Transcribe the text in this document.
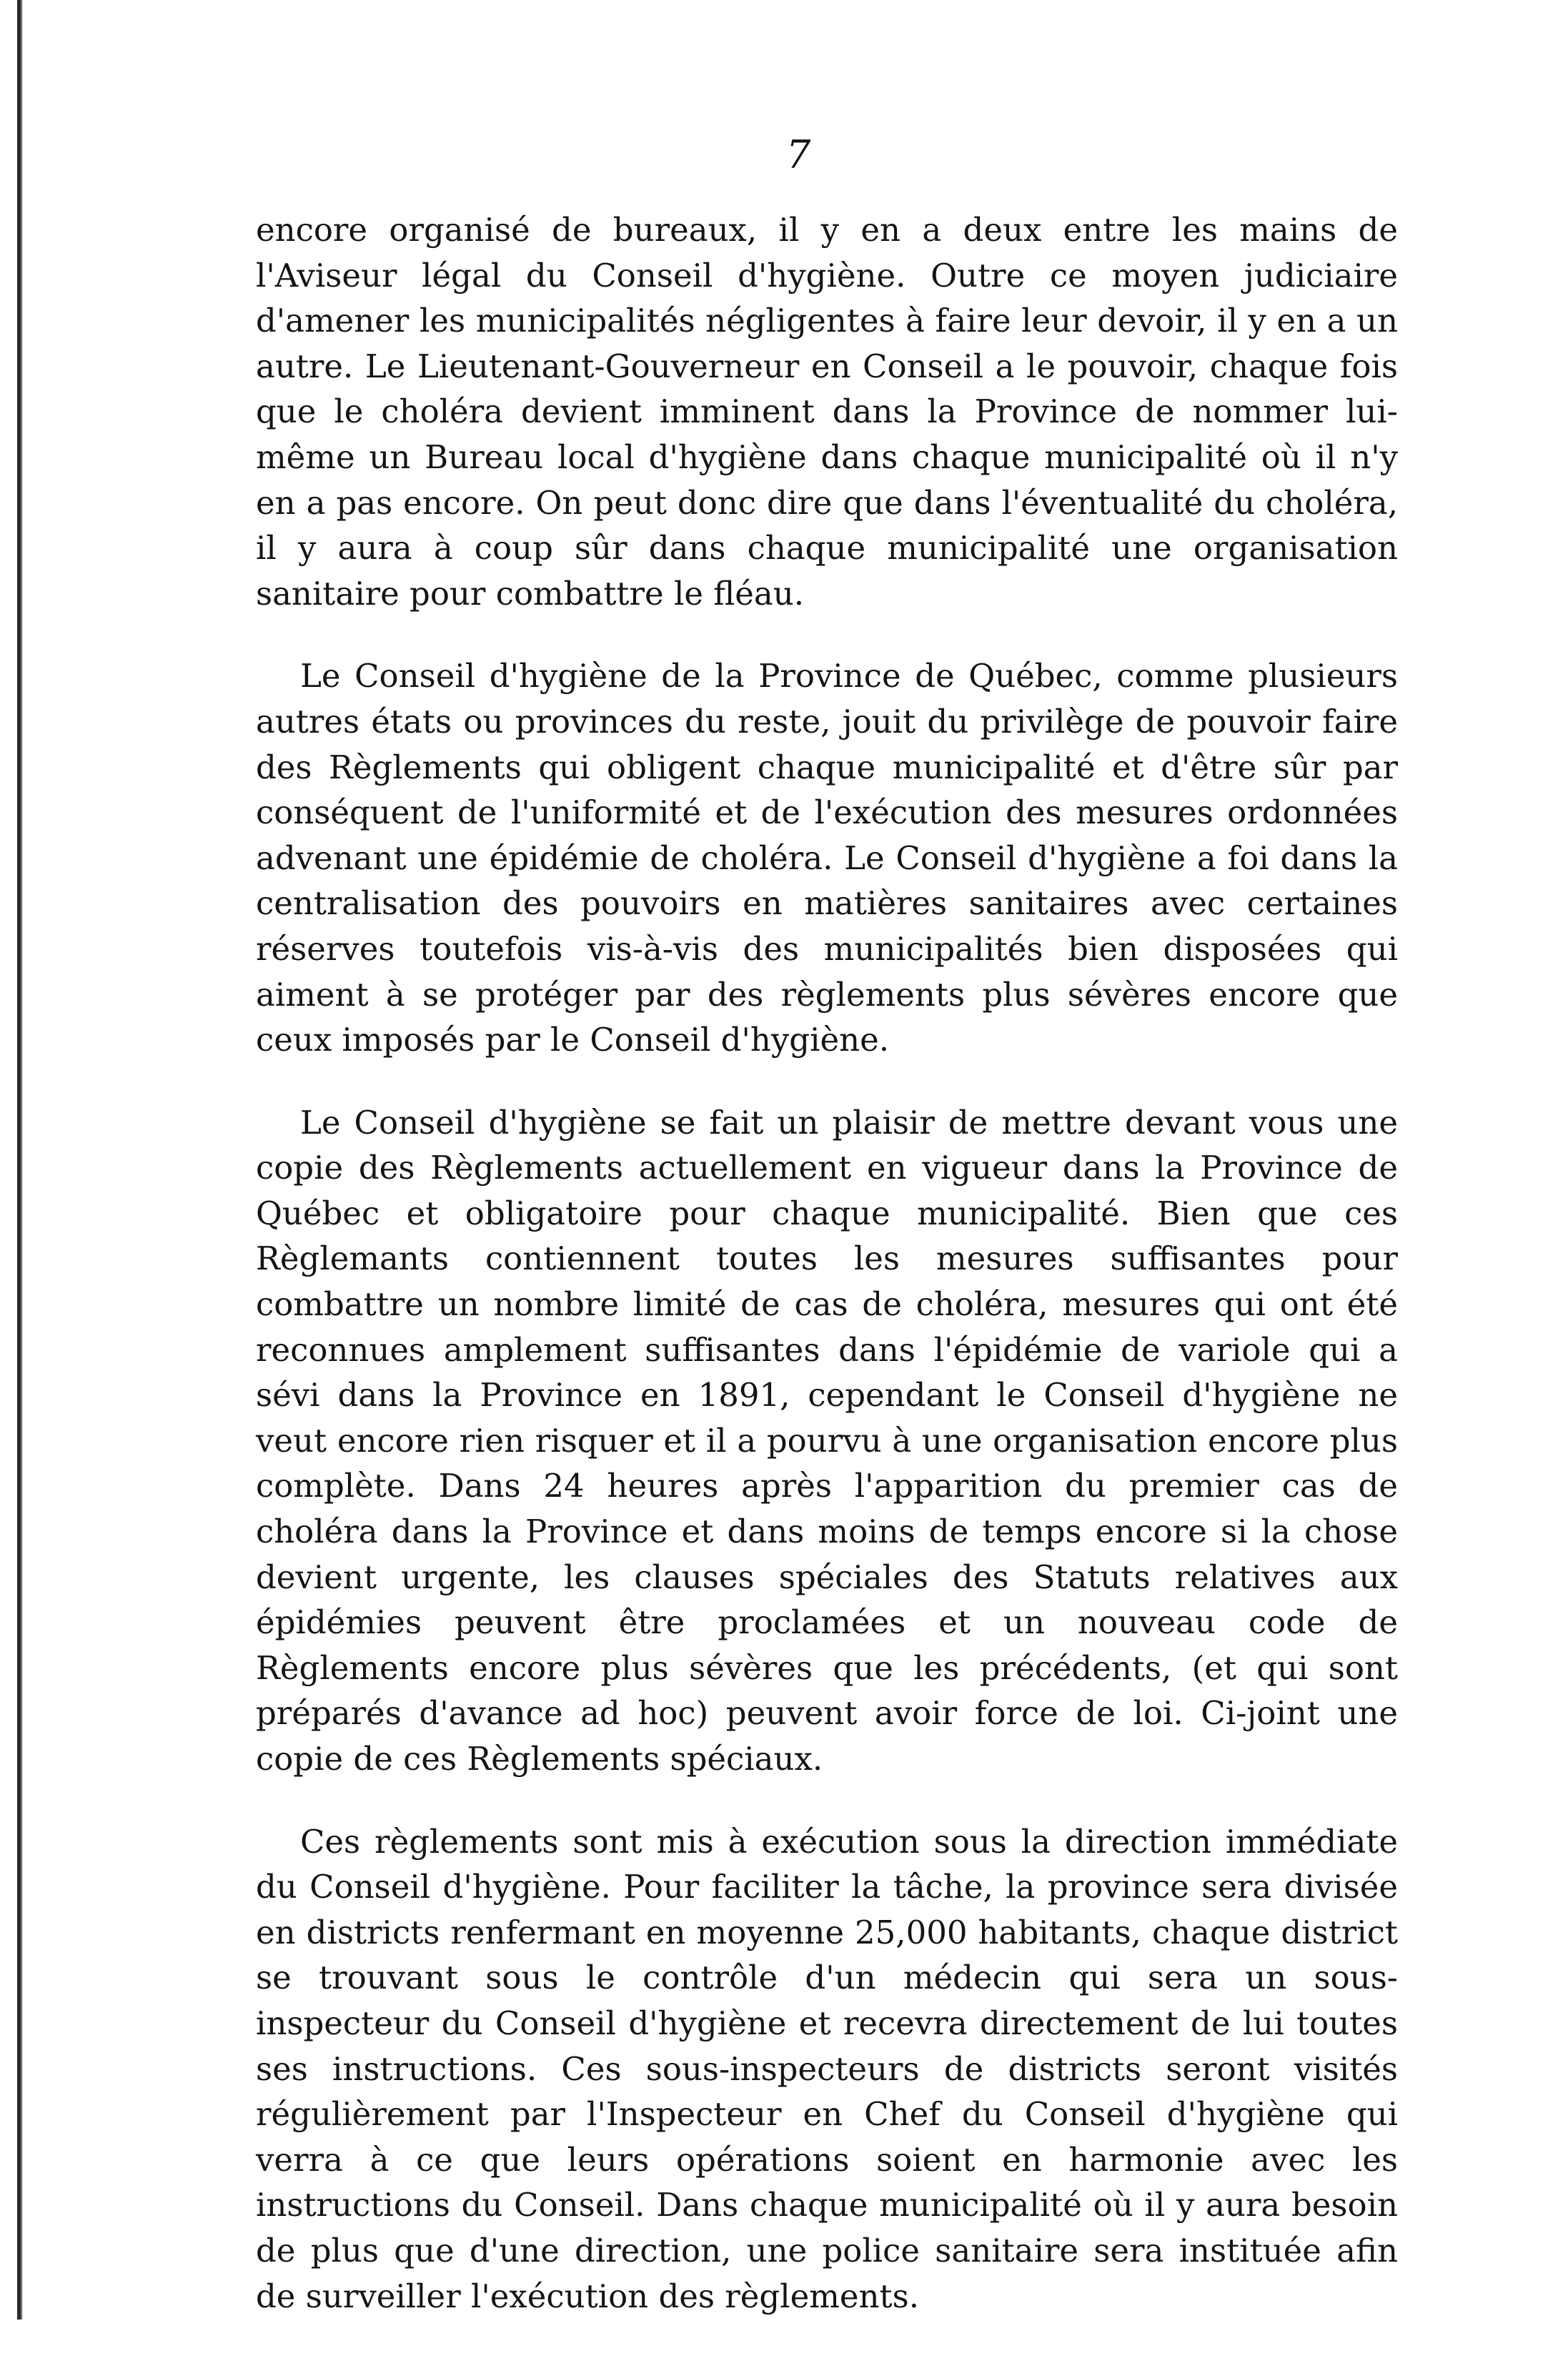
7

encore organisé de bureaux, il y en a deux entre les mains de l'Aviseur légal du Conseil d'hygiène. Outre ce moyen judiciaire d'amener les municipalités négligentes à faire leur devoir, il y en a un autre. Le Lieutenant-Gouverneur en Conseil a le pouvoir, chaque fois que le choléra devient imminent dans la Province de nommer lui-même un Bureau local d'hygiène dans chaque municipalité où il n'y en a pas encore. On peut donc dire que dans l'éventualité du choléra, il y aura à coup sûr dans chaque municipalité une organisation sanitaire pour combattre le fléau.

Le Conseil d'hygiène de la Province de Québec, comme plusieurs autres états ou provinces du reste, jouit du privilège de pouvoir faire des Règlements qui obligent chaque municipalité et d'être sûr par conséquent de l'uniformité et de l'exécution des mesures ordonnées advenant une épidémie de choléra. Le Conseil d'hygiène a foi dans la centralisation des pouvoirs en matières sanitaires avec certaines réserves toutefois vis-à-vis des municipalités bien disposées qui aiment à se protéger par des règlements plus sévères encore que ceux imposés par le Conseil d'hygiène.

Le Conseil d'hygiène se fait un plaisir de mettre devant vous une copie des Règlements actuellement en vigueur dans la Province de Québec et obligatoire pour chaque municipalité. Bien que ces Règlemants contiennent toutes les mesures suffisantes pour combattre un nombre limité de cas de choléra, mesures qui ont été reconnues amplement suffisantes dans l'épidémie de variole qui a sévi dans la Province en 1891, cependant le Conseil d'hygiène ne veut encore rien risquer et il a pourvu à une organisation encore plus complète. Dans 24 heures après l'apparition du premier cas de choléra dans la Province et dans moins de temps encore si la chose devient urgente, les clauses spéciales des Statuts relatives aux épidémies peuvent être proclamées et un nouveau code de Règlements encore plus sévères que les précédents, (et qui sont préparés d'avance ad hoc) peuvent avoir force de loi. Ci-joint une copie de ces Règlements spéciaux.

Ces règlements sont mis à exécution sous la direction immédiate du Conseil d'hygiène. Pour faciliter la tâche, la province sera divisée en districts renfermant en moyenne 25,000 habitants, chaque district se trouvant sous le contrôle d'un médecin qui sera un sous-inspecteur du Conseil d'hygiène et recevra directement de lui toutes ses instructions. Ces sous-inspecteurs de districts seront visités régulièrement par l'Inspecteur en Chef du Conseil d'hygiène qui verra à ce que leurs opérations soient en harmonie avec les instructions du Conseil. Dans chaque municipalité où il y aura besoin de plus que d'une direction, une police sanitaire sera instituée afin de surveiller l'exécution des règlements.
